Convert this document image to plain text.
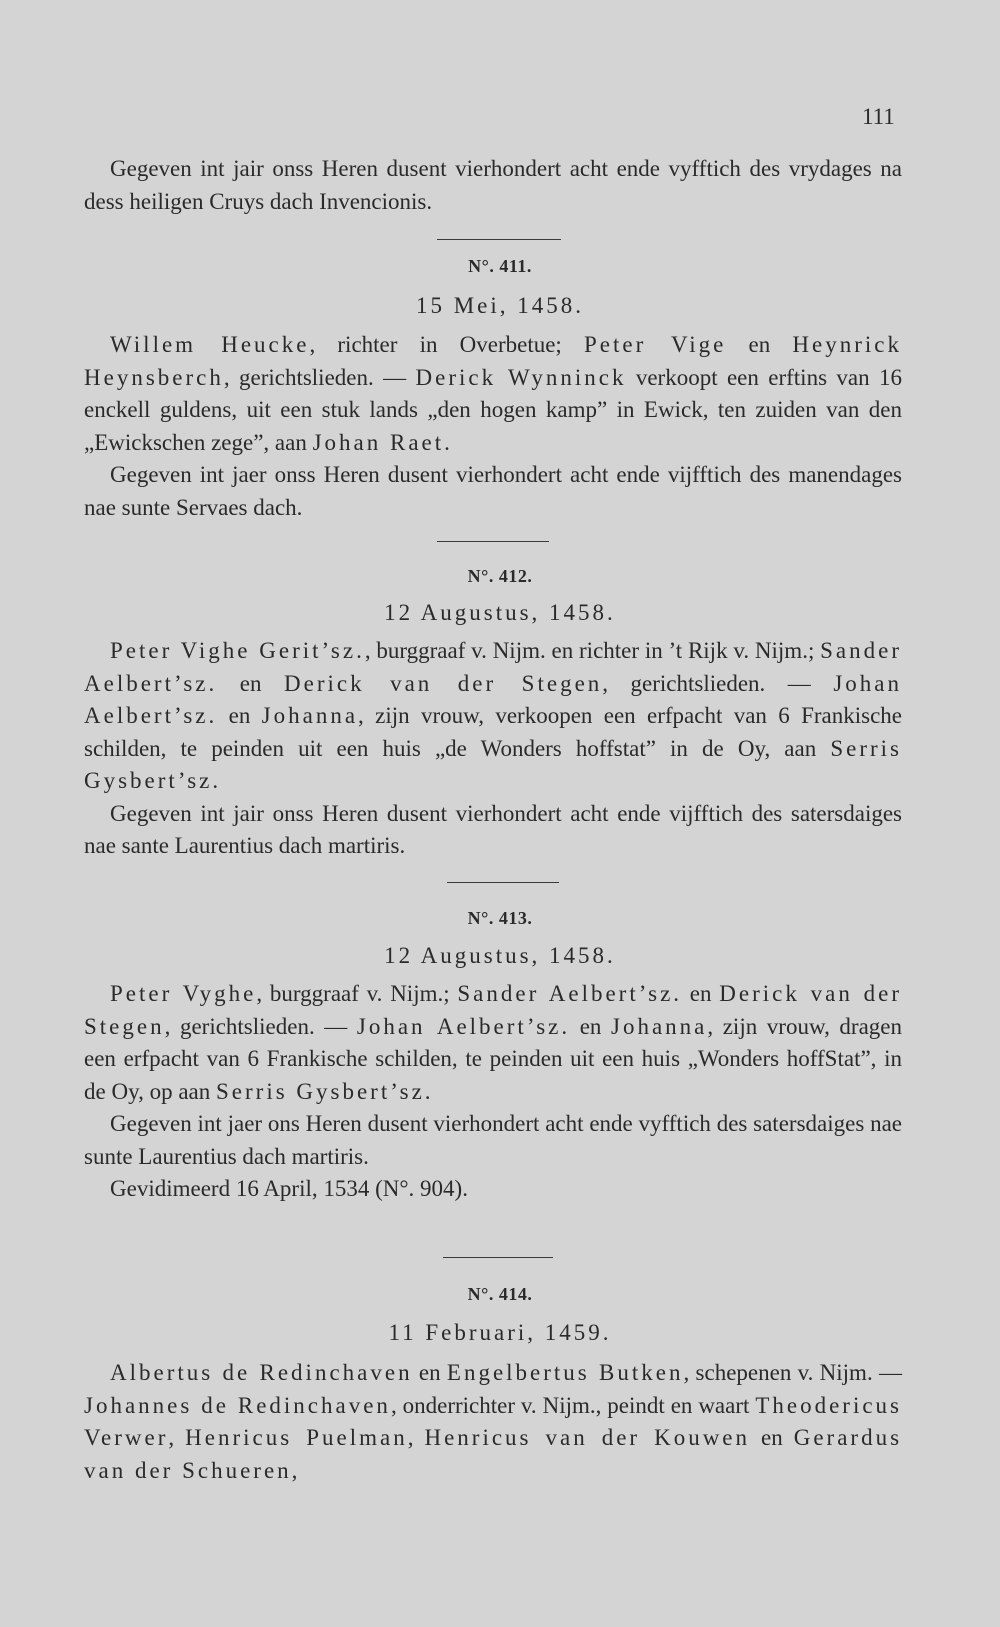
111

Gegeven int jair onss Heren dusent vierhondert acht ende vyfftich des vrydages na dess heiligen Cruys dach Invencionis.

N°. 411.
15 Mei, 1458.

Willem Heucke, richter in Overbetue; Peter Vige en Heynrick Heynsberch, gerichtslieden. — Derick Wynninck verkoopt een erftins van 16 enckell guldens, uit een stuk lands „den hogen kamp” in Ewick, ten zuiden van den „Ewickschen zege”, aan Johan Raet.

Gegeven int jaer onss Heren dusent vierhondert acht ende vijfftich des manendages nae sunte Servaes dach.

N°. 412.
12 Augustus, 1458.

Peter Vighe Gerit’sz., burggraaf v. Nijm. en richter in ’t Rijk v. Nijm.; Sander Aelbert’sz. en Derick van der Stegen, gerichtslieden. — Johan Aelbert’sz. en Johanna, zijn vrouw, verkoopen een erfpacht van 6 Frankische schilden, te peinden uit een huis „de Wonders hoffstat” in de Oy, aan Serris Gysbert’sz.

Gegeven int jair onss Heren dusent vierhondert acht ende vijfftich des satersdaiges nae sante Laurentius dach martiris.

N°. 413.
12 Augustus, 1458.

Peter Vyghe, burggraaf v. Nijm.; Sander Aelbert’sz. en Derick van der Stegen, gerichtslieden. — Johan Aelbert’sz. en Johanna, zijn vrouw, dragen een erfpacht van 6 Frankische schilden, te peinden uit een huis „Wonders hoffStat”, in de Oy, op aan Serris Gysbert’sz.

Gegeven int jaer ons Heren dusent vierhondert acht ende vyfftich des satersdaiges nae sunte Laurentius dach martiris.

Gevidimeerd 16 April, 1534 (N°. 904).

N°. 414.
11 Februari, 1459.

Albertus de Redinchaven en Engelbertus Butken, schepenen v. Nijm. — Johannes de Redinchaven, onderrichter v. Nijm., peindt en waart Theodericus Verwer, Henricus Puelman, Henricus van der Kouwen en Gerardus van der Schueren,
